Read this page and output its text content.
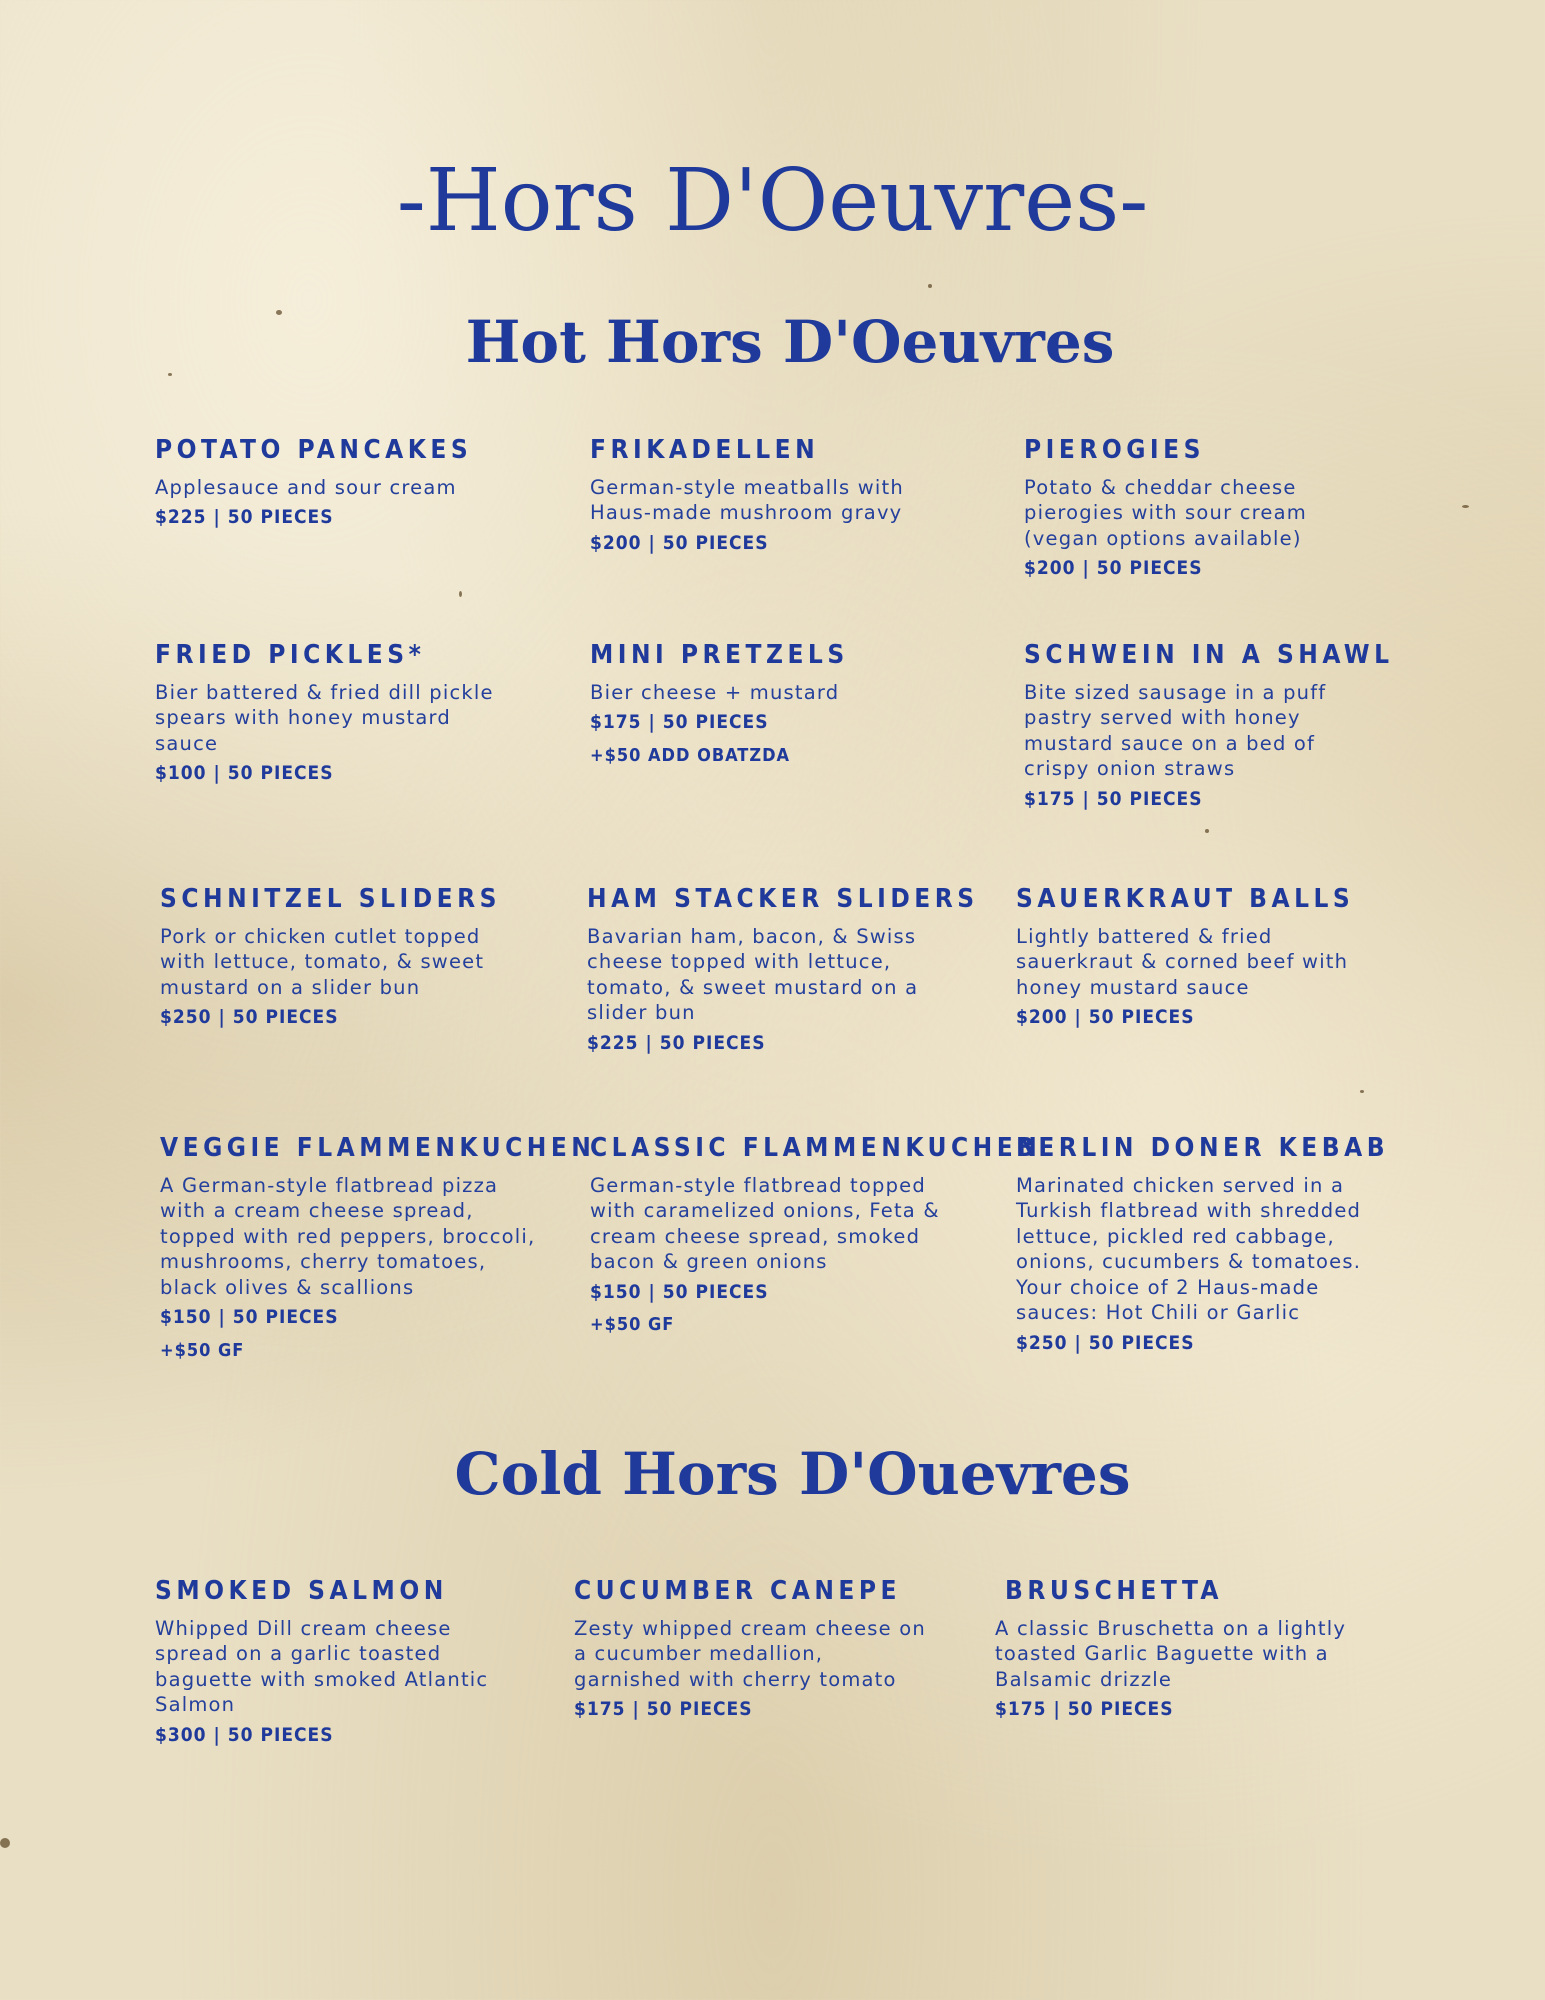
-Hors D'Oeuvres-
Hot Hors D'Oeuvres
POTATO PANCAKES
Applesauce and sour cream
$225 | 50 PIECES
FRIKADELLEN
German-style meatballs with Haus-made mushroom gravy
$200 | 50 PIECES
PIEROGIES
Potato & cheddar cheese pierogies with sour cream (vegan options available)
$200 | 50 PIECES
FRIED PICKLES*
Bier battered & fried dill pickle spears with honey mustard sauce
$100 | 50 PIECES
MINI PRETZELS
Bier cheese + mustard
$175 | 50 PIECES
+$50 ADD OBATZDA
SCHWEIN IN A SHAWL
Bite sized sausage in a puff pastry served with honey mustard sauce on a bed of crispy onion straws
$175 | 50 PIECES
SCHNITZEL SLIDERS
Pork or chicken cutlet topped with lettuce, tomato, & sweet mustard on a slider bun
$250 | 50 PIECES
HAM STACKER SLIDERS
Bavarian ham, bacon, & Swiss cheese topped with lettuce, tomato, & sweet mustard on a slider bun
$225 | 50 PIECES
SAUERKRAUT BALLS
Lightly battered & fried sauerkraut & corned beef with honey mustard sauce
$200 | 50 PIECES
VEGGIE FLAMMENKUCHEN
A German-style flatbread pizza with a cream cheese spread, topped with red peppers, broccoli, mushrooms, cherry tomatoes, black olives & scallions
$150 | 50 PIECES
+$50 GF
CLASSIC FLAMMENKUCHEN
German-style flatbread topped with caramelized onions, Feta & cream cheese spread, smoked bacon & green onions
$150 | 50 PIECES
+$50 GF
BERLIN DONER KEBAB
Marinated chicken served in a Turkish flatbread with shredded lettuce, pickled red cabbage, onions, cucumbers & tomatoes. Your choice of 2 Haus-made sauces: Hot Chili or Garlic
$250 | 50 PIECES
Cold Hors D'Ouevres
SMOKED SALMON
Whipped Dill cream cheese spread on a garlic toasted baguette with smoked Atlantic Salmon
$300 | 50 PIECES
CUCUMBER CANEPE
Zesty whipped cream cheese on a cucumber medallion, garnished with cherry tomato
$175 | 50 PIECES
BRUSCHETTA
A classic Bruschetta on a lightly toasted Garlic Baguette with a Balsamic drizzle
$175 | 50 PIECES
